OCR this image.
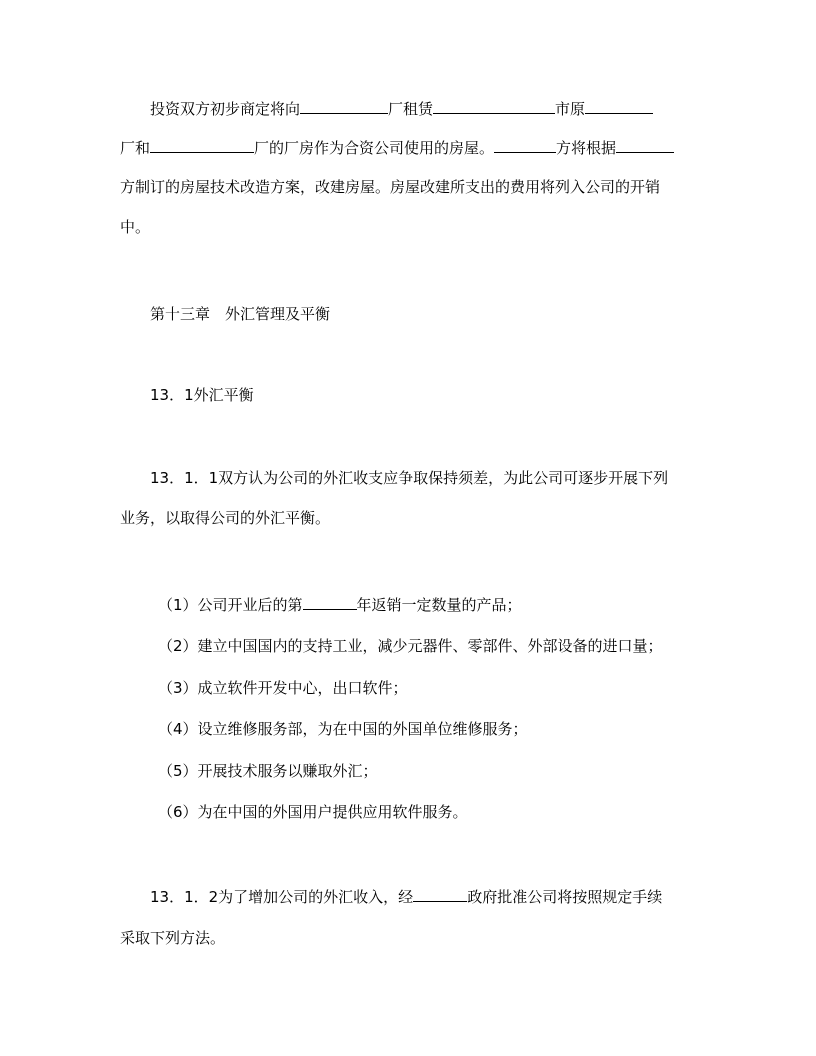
投资双方初步商定将向	厂租赁	市原
厂和	厂的厂房作为合资公司使用的房屋。	方将根据
方制订的房屋技术改造方案，改建房屋。房屋改建所支出的费用将列入公司的开销
中。
第十三章　外汇管理及平衡
13．1外汇平衡
13．1．1双方认为公司的外汇收支应争取保持须差，为此公司可逐步开展下列
业务，以取得公司的外汇平衡。
（1）公司开业后的第	年返销一定数量的产品；
（2）建立中国国内的支持工业，减少元器件、零部件、外部设备的进口量；
（3）成立软件开发中心，出口软件；
（4）设立维修服务部，为在中国的外国单位维修服务；
（5）开展技术服务以赚取外汇；
（6）为在中国的外国用户提供应用软件服务。
13．1．2为了增加公司的外汇收入，经	政府批准公司将按照规定手续
采取下列方法。
